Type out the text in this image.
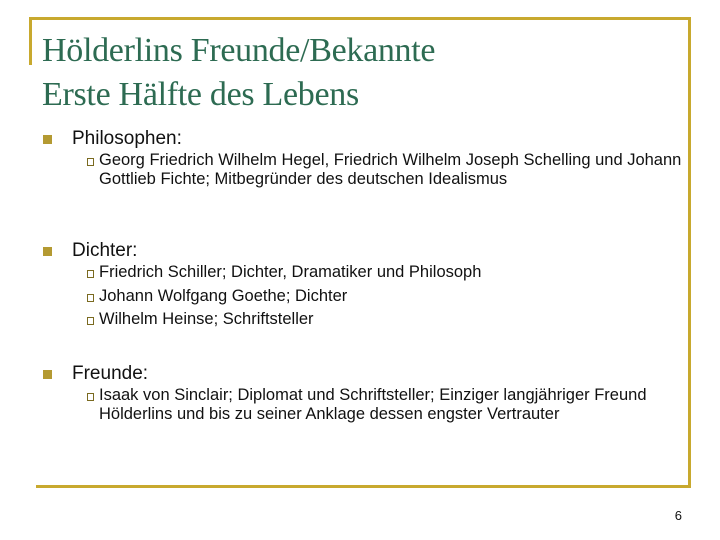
Hölderlins Freunde/Bekannte
Erste Hälfte des Lebens
Philosophen:
Georg Friedrich Wilhelm Hegel, Friedrich Wilhelm Joseph Schelling und Johann Gottlieb Fichte; Mitbegründer des deutschen Idealismus
Dichter:
Friedrich Schiller; Dichter, Dramatiker und Philosoph
Johann Wolfgang Goethe; Dichter
Wilhelm Heinse; Schriftsteller
Freunde:
Isaak von Sinclair; Diplomat und Schriftsteller; Einziger langjähriger Freund Hölderlins und bis zu seiner Anklage dessen engster Vertrauter
6
